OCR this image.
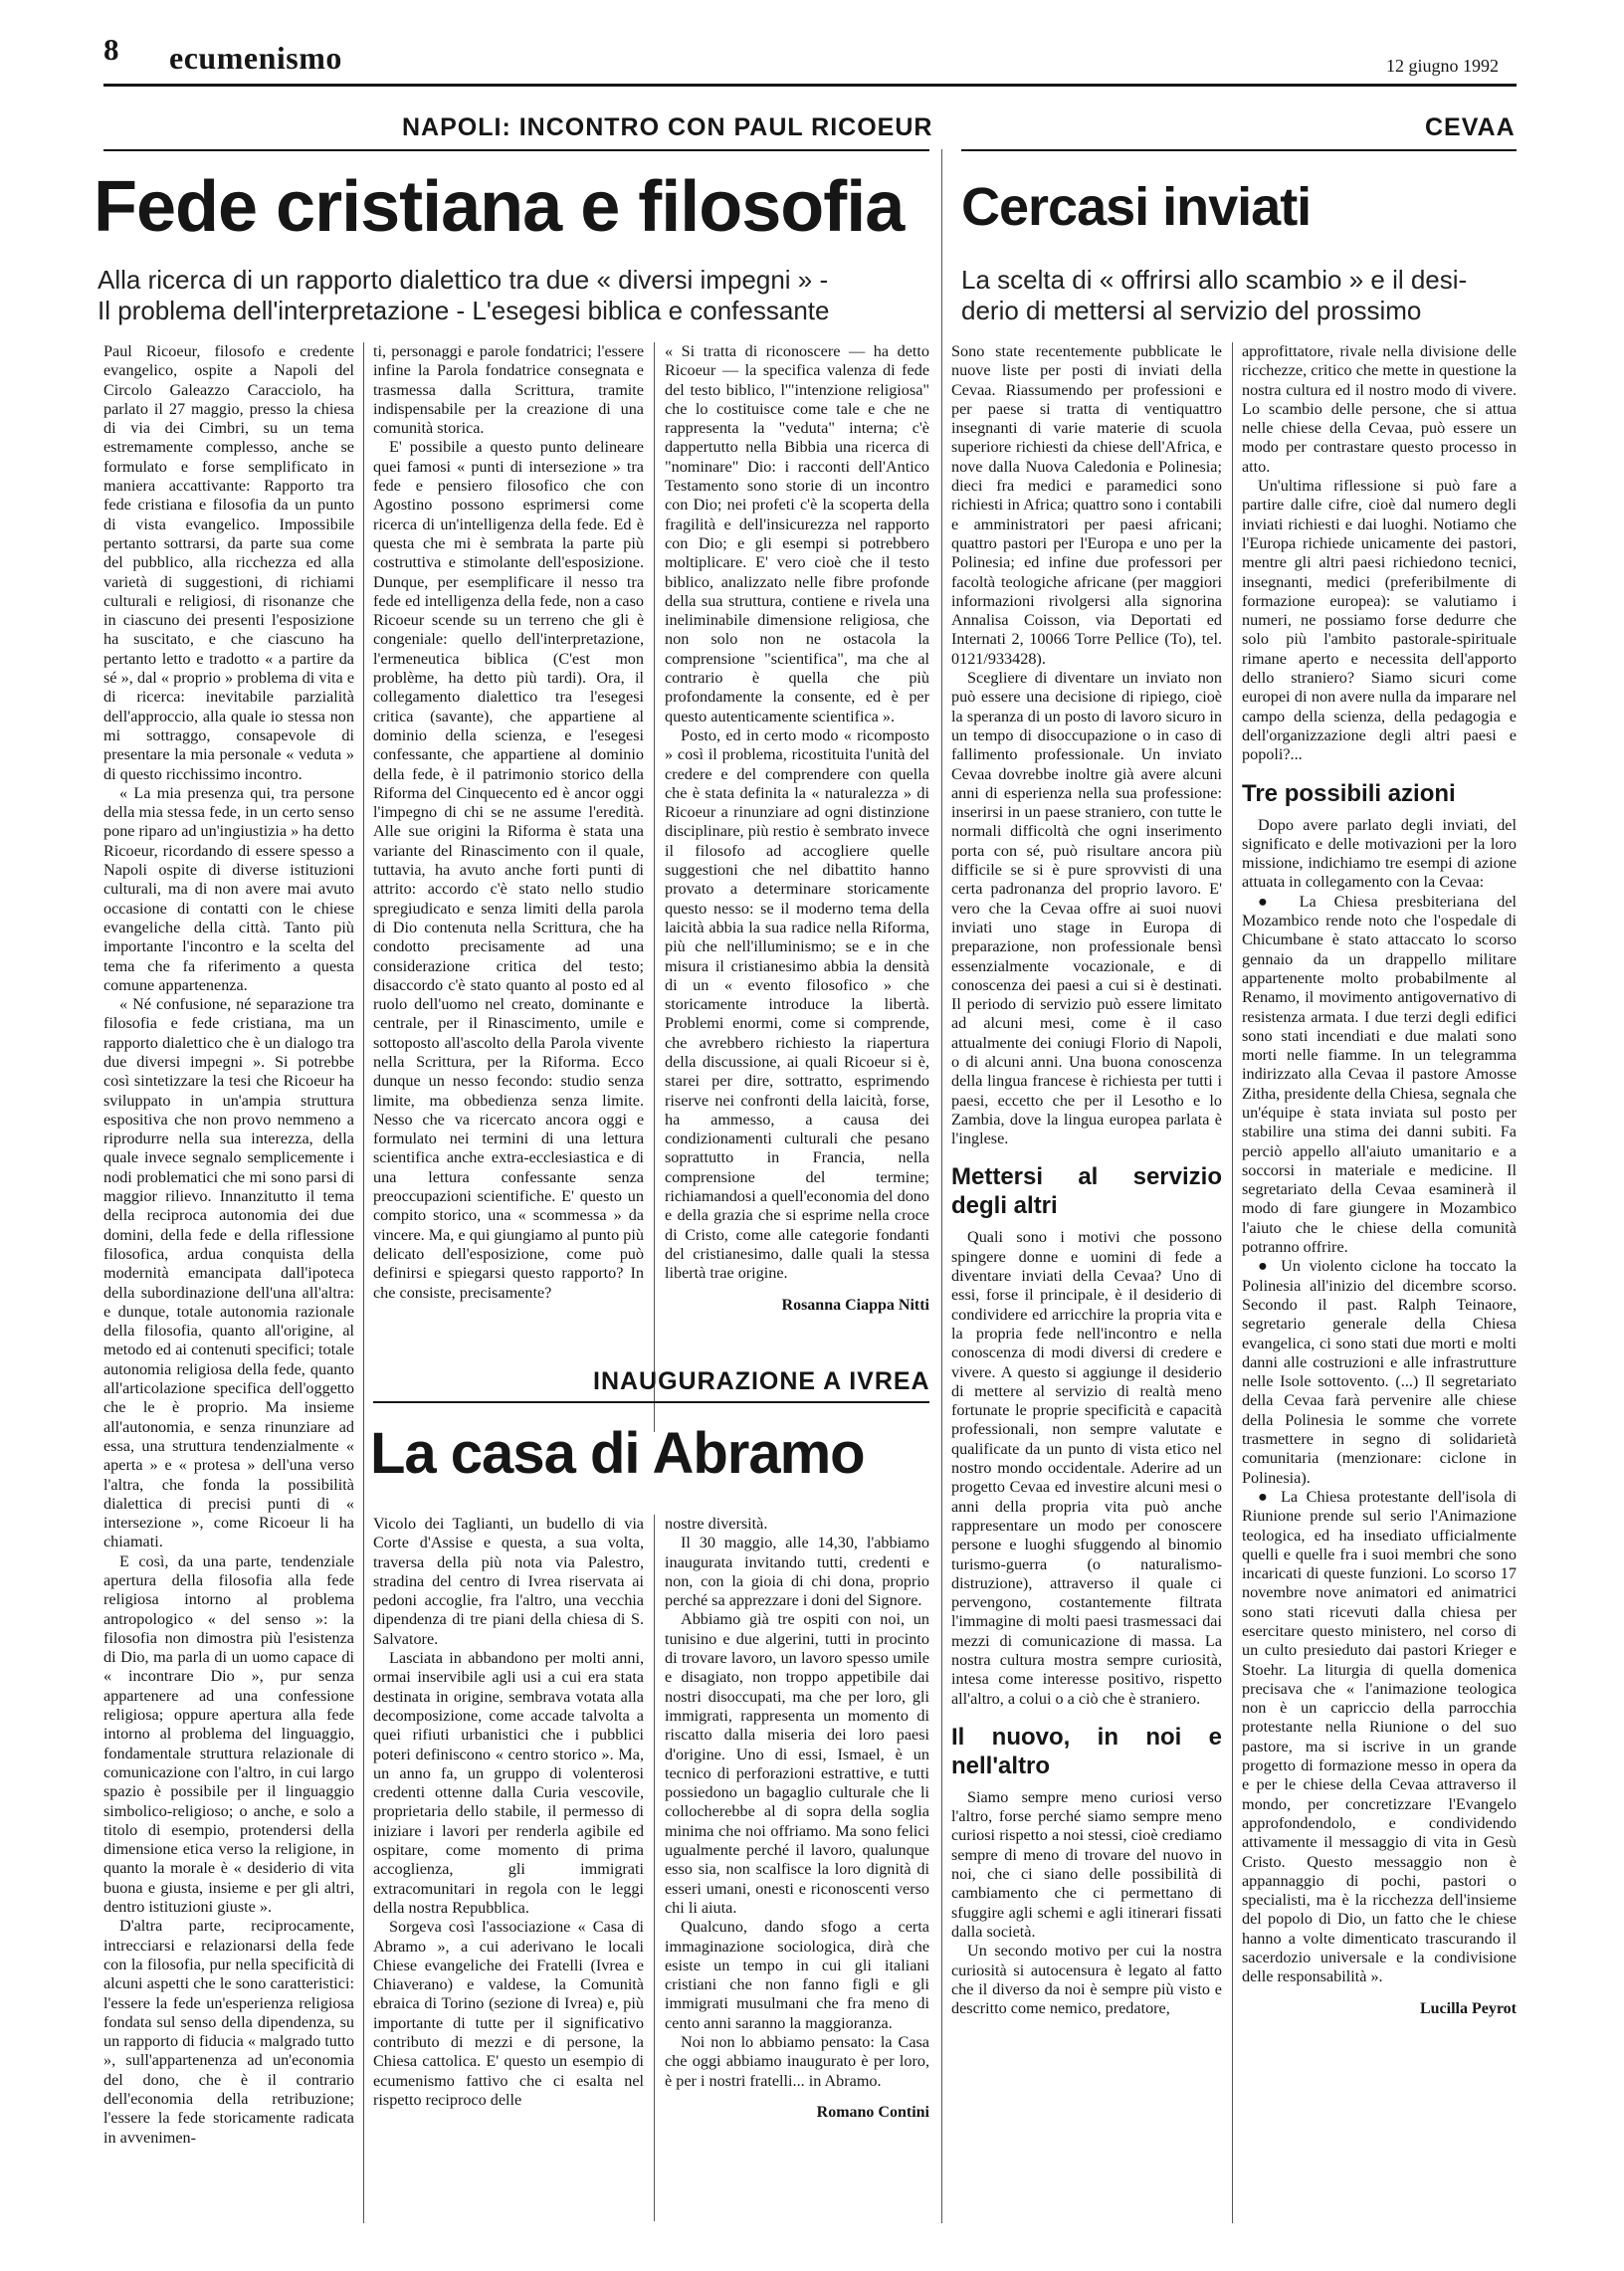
8 ecumenismo	12 giugno 1992
NAPOLI: INCONTRO CON PAUL RICOEUR
Fede cristiana e filosofia
Alla ricerca di un rapporto dialettico tra due « diversi impegni » -
Il problema dell'interpretazione - L'esegesi biblica e confessante
CEVAA
Cercasi inviati
La scelta di « offrirsi allo scambio » e il desi-
derio di mettersi al servizio del prossimo

Paul Ricoeur, filosofo e credente evangelico, ospite a Napoli del Circolo Galeazzo Caracciolo, ha parlato il 27 maggio, presso la chiesa di via dei Cimbri, su un tema estremamente complesso, anche se formulato e forse semplificato in maniera accattivante: Rapporto tra fede cristiana e filosofia da un punto di vista evangelico. Impossibile pertanto sottrarsi, da parte sua come del pubblico, alla ricchezza ed alla varietà di suggestioni, di richiami culturali e religiosi, di risonanze che in ciascuno dei presenti l'esposizione ha suscitato, e che ciascuno ha pertanto letto e tradotto « a partire da sé », dal « proprio » problema di vita e di ricerca: inevitabile parzialità dell'approccio, alla quale io stessa non mi sottraggo, consapevole di presentare la mia personale « veduta » di questo ricchissimo incontro.

« La mia presenza qui, tra persone della mia stessa fede, in un certo senso pone riparo ad un'ingiustizia » ha detto Ricoeur, ricordando di essere spesso a Napoli ospite di diverse istituzioni culturali, ma di non avere mai avuto occasione di contatti con le chiese evangeliche della città. Tanto più importante l'incontro e la scelta del tema che fa riferimento a questa comune appartenenza.

« Né confusione, né separazione tra filosofia e fede cristiana, ma un rapporto dialettico che è un dialogo tra due diversi impegni ». Si potrebbe così sintetizzare la tesi che Ricoeur ha sviluppato in un'ampia struttura espositiva che non provo nemmeno a riprodurre nella sua interezza, della quale invece segnalo semplicemente i nodi problematici che mi sono parsi di maggior rilievo. Innanzitutto il tema della reciproca autonomia dei due domini, della fede e della riflessione filosofica, ardua conquista della modernità emancipata dall'ipoteca della subordinazione dell'una all'altra: e dunque, totale autonomia razionale della filosofia, quanto all'origine, al metodo ed ai contenuti specifici; totale autonomia religiosa della fede, quanto all'articolazione specifica dell'oggetto che le è proprio. Ma insieme all'autonomia, e senza rinunziare ad essa, una struttura tendenzialmente « aperta » e « protesa » dell'una verso l'altra, che fonda la possibilità dialettica di precisi punti di « intersezione », come Ricoeur li ha chiamati.

E così, da una parte, tendenziale apertura della filosofia alla fede religiosa intorno al problema antropologico « del senso »: la filosofia non dimostra più l'esistenza di Dio, ma parla di un uomo capace di « incontrare Dio », pur senza appartenere ad una confessione religiosa; oppure apertura alla fede intorno al problema del linguaggio, fondamentale struttura relazionale di comunicazione con l'altro, in cui largo spazio è possibile per il linguaggio simbolico-religioso; o anche, e solo a titolo di esempio, protendersi della dimensione etica verso la religione, in quanto la morale è « desiderio di vita buona e giusta, insieme e per gli altri, dentro istituzioni giuste ».

D'altra parte, reciprocamente, intrecciarsi e relazionarsi della fede con la filosofia, pur nella specificità di alcuni aspetti che le sono caratteristici: l'essere la fede un'esperienza religiosa fondata sul senso della dipendenza, su un rapporto di fiducia « malgrado tutto », sull'appartenenza ad un'economia del dono, che è il contrario dell'economia della retribuzione; l'essere la fede storicamente radicata in avvenimen-

ti, personaggi e parole fondatrici; l'essere infine la Parola fondatrice consegnata e trasmessa dalla Scrittura, tramite indispensabile per la creazione di una comunità storica.

E' possibile a questo punto delineare quei famosi « punti di intersezione » tra fede e pensiero filosofico che con Agostino possono esprimersi come ricerca di un'intelligenza della fede. Ed è questa che mi è sembrata la parte più costruttiva e stimolante dell'esposizione. Dunque, per esemplificare il nesso tra fede ed intelligenza della fede, non a caso Ricoeur scende su un terreno che gli è congeniale: quello dell'interpretazione, l'ermeneutica biblica (C'est mon problème, ha detto più tardi). Ora, il collegamento dialettico tra l'esegesi critica (savante), che appartiene al dominio della scienza, e l'esegesi confessante, che appartiene al dominio della fede, è il patrimonio storico della Riforma del Cinquecento ed è ancor oggi l'impegno di chi se ne assume l'eredità. Alle sue origini la Riforma è stata una variante del Rinascimento con il quale, tuttavia, ha avuto anche forti punti di attrito: accordo c'è stato nello studio spregiudicato e senza limiti della parola di Dio contenuta nella Scrittura, che ha condotto precisamente ad una considerazione critica del testo; disaccordo c'è stato quanto al posto ed al ruolo dell'uomo nel creato, dominante e centrale, per il Rinascimento, umile e sottoposto all'ascolto della Parola vivente nella Scrittura, per la Riforma. Ecco dunque un nesso fecondo: studio senza limite, ma obbedienza senza limite. Nesso che va ricercato ancora oggi e formulato nei termini di una lettura scientifica anche extra-ecclesiastica e di una lettura confessante senza preoccupazioni scientifiche. E' questo un compito storico, una « scommessa » da vincere. Ma, e qui giungiamo al punto più delicato dell'esposizione, come può definirsi e spiegarsi questo rapporto? In che consiste, precisamente?

« Si tratta di riconoscere — ha detto Ricoeur — la specifica valenza di fede del testo biblico, l'"intenzione religiosa" che lo costituisce come tale e che ne rappresenta la "veduta" interna; c'è dappertutto nella Bibbia una ricerca di "nominare" Dio: i racconti dell'Antico Testamento sono storie di un incontro con Dio; nei profeti c'è la scoperta della fragilità e dell'insicurezza nel rapporto con Dio; e gli esempi si potrebbero moltiplicare. E' vero cioè che il testo biblico, analizzato nelle fibre profonde della sua struttura, contiene e rivela una ineliminabile dimensione religiosa, che non solo non ne ostacola la comprensione "scientifica", ma che al contrario è quella che più profondamente la consente, ed è per questo autenticamente scientifica ».

Posto, ed in certo modo « ricomposto » così il problema, ricostituita l'unità del credere e del comprendere con quella che è stata definita la « naturalezza » di Ricoeur a rinunziare ad ogni distinzione disciplinare, più restio è sembrato invece il filosofo ad accogliere quelle suggestioni che nel dibattito hanno provato a determinare storicamente questo nesso: se il moderno tema della laicità abbia la sua radice nella Riforma, più che nell'illuminismo; se e in che misura il cristianesimo abbia la densità di un « evento filosofico » che storicamente introduce la libertà. Problemi enormi, come si comprende, che avrebbero richiesto la riapertura della discussione, ai quali Ricoeur si è, starei per dire, sottratto, esprimendo riserve nei confronti della laicità, forse, ha ammesso, a causa dei condizionamenti culturali che pesano soprattutto in Francia, nella comprensione del termine; richiamandosi a quell'economia del dono e della grazia che si esprime nella croce di Cristo, come alle categorie fondanti del cristianesimo, dalle quali la stessa libertà trae origine.

Rosanna Ciappa Nitti
INAUGURAZIONE A IVREA
La casa di Abramo

Vicolo dei Taglianti, un budello di via Corte d'Assise e questa, a sua volta, traversa della più nota via Palestro, stradina del centro di Ivrea riservata ai pedoni accoglie, fra l'altro, una vecchia dipendenza di tre piani della chiesa di S. Salvatore.

Lasciata in abbandono per molti anni, ormai inservibile agli usi a cui era stata destinata in origine, sembrava votata alla decomposizione, come accade talvolta a quei rifiuti urbanistici che i pubblici poteri definiscono « centro storico ». Ma, un anno fa, un gruppo di volenterosi credenti ottenne dalla Curia vescovile, proprietaria dello stabile, il permesso di iniziare i lavori per renderla agibile ed ospitare, come momento di prima accoglienza, gli immigrati extracomunitari in regola con le leggi della nostra Repubblica.

Sorgeva così l'associazione « Casa di Abramo », a cui aderivano le locali Chiese evangeliche dei Fratelli (Ivrea e Chiaverano) e valdese, la Comunità ebraica di Torino (sezione di Ivrea) e, più importante di tutte per il significativo contributo di mezzi e di persone, la Chiesa cattolica. E' questo un esempio di ecumenismo fattivo che ci esalta nel rispetto reciproco delle

nostre diversità.

Il 30 maggio, alle 14,30, l'abbiamo inaugurata invitando tutti, credenti e non, con la gioia di chi dona, proprio perché sa apprezzare i doni del Signore.

Abbiamo già tre ospiti con noi, un tunisino e due algerini, tutti in procinto di trovare lavoro, un lavoro spesso umile e disagiato, non troppo appetibile dai nostri disoccupati, ma che per loro, gli immigrati, rappresenta un momento di riscatto dalla miseria dei loro paesi d'origine. Uno di essi, Ismael, è un tecnico di perforazioni estrattive, e tutti possiedono un bagaglio culturale che li collocherebbe al di sopra della soglia minima che noi offriamo. Ma sono felici ugualmente perché il lavoro, qualunque esso sia, non scalfisce la loro dignità di esseri umani, onesti e riconoscenti verso chi li aiuta.

Qualcuno, dando sfogo a certa immaginazione sociologica, dirà che esiste un tempo in cui gli italiani cristiani che non fanno figli e gli immigrati musulmani che fra meno di cento anni saranno la maggioranza.

Noi non lo abbiamo pensato: la Casa che oggi abbiamo inaugurato è per loro, è per i nostri fratelli... in Abramo.

Romano Contini

Sono state recentemente pubblicate le nuove liste per posti di inviati della Cevaa. Riassumendo per professioni e per paese si tratta di ventiquattro insegnanti di varie materie di scuola superiore richiesti da chiese dell'Africa, e nove dalla Nuova Caledonia e Polinesia; dieci fra medici e paramedici sono richiesti in Africa; quattro sono i contabili e amministratori per paesi africani; quattro pastori per l'Europa e uno per la Polinesia; ed infine due professori per facoltà teologiche africane (per maggiori informazioni rivolgersi alla signorina Annalisa Coisson, via Deportati ed Internati 2, 10066 Torre Pellice (To), tel. 0121/933428).

Scegliere di diventare un inviato non può essere una decisione di ripiego, cioè la speranza di un posto di lavoro sicuro in un tempo di disoccupazione o in caso di fallimento professionale. Un inviato Cevaa dovrebbe inoltre già avere alcuni anni di esperienza nella sua professione: inserirsi in un paese straniero, con tutte le normali difficoltà che ogni inserimento porta con sé, può risultare ancora più difficile se si è pure sprovvisti di una certa padronanza del proprio lavoro. E' vero che la Cevaa offre ai suoi nuovi inviati uno stage in Europa di preparazione, non professionale bensì essenzialmente vocazionale, e di conoscenza dei paesi a cui si è destinati. Il periodo di servizio può essere limitato ad alcuni mesi, come è il caso attualmente dei coniugi Florio di Napoli, o di alcuni anni. Una buona conoscenza della lingua francese è richiesta per tutti i paesi, eccetto che per il Lesotho e lo Zambia, dove la lingua europea parlata è l'inglese.

Mettersi al servizio degli altri

Quali sono i motivi che possono spingere donne e uomini di fede a diventare inviati della Cevaa? Uno di essi, forse il principale, è il desiderio di condividere ed arricchire la propria vita e la propria fede nell'incontro e nella conoscenza di modi diversi di credere e vivere. A questo si aggiunge il desiderio di mettere al servizio di realtà meno fortunate le proprie specificità e capacità professionali, non sempre valutate e qualificate da un punto di vista etico nel nostro mondo occidentale. Aderire ad un progetto Cevaa ed investire alcuni mesi o anni della propria vita può anche rappresentare un modo per conoscere persone e luoghi sfuggendo al binomio turismo-guerra (o naturalismo-distruzione), attraverso il quale ci pervengono, costantemente filtrata l'immagine di molti paesi trasmessaci dai mezzi di comunicazione di massa. La nostra cultura mostra sempre curiosità, intesa come interesse positivo, rispetto all'altro, a colui o a ciò che è straniero.

Il nuovo, in noi e nell'altro

Siamo sempre meno curiosi verso l'altro, forse perché siamo sempre meno curiosi rispetto a noi stessi, cioè crediamo sempre di meno di trovare del nuovo in noi, che ci siano delle possibilità di cambiamento che ci permettano di sfuggire agli schemi e agli itinerari fissati dalla società.

Un secondo motivo per cui la nostra curiosità si autocensura è legato al fatto che il diverso da noi è sempre più visto e descritto come nemico, predatore,

approfittatore, rivale nella divisione delle ricchezze, critico che mette in questione la nostra cultura ed il nostro modo di vivere. Lo scambio delle persone, che si attua nelle chiese della Cevaa, può essere un modo per contrastare questo processo in atto.

Un'ultima riflessione si può fare a partire dalle cifre, cioè dal numero degli inviati richiesti e dai luoghi. Notiamo che l'Europa richiede unicamente dei pastori, mentre gli altri paesi richiedono tecnici, insegnanti, medici (preferibilmente di formazione europea): se valutiamo i numeri, ne possiamo forse dedurre che solo più l'ambito pastorale-spirituale rimane aperto e necessita dell'apporto dello straniero? Siamo sicuri come europei di non avere nulla da imparare nel campo della scienza, della pedagogia e dell'organizzazione degli altri paesi e popoli?...

Tre possibili azioni

Dopo avere parlato degli inviati, del significato e delle motivazioni per la loro missione, indichiamo tre esempi di azione attuata in collegamento con la Cevaa:

● La Chiesa presbiteriana del Mozambico rende noto che l'ospedale di Chicumbane è stato attaccato lo scorso gennaio da un drappello militare appartenente molto probabilmente al Renamo, il movimento antigovernativo di resistenza armata. I due terzi degli edifici sono stati incendiati e due malati sono morti nelle fiamme. In un telegramma indirizzato alla Cevaa il pastore Amosse Zitha, presidente della Chiesa, segnala che un'équipe è stata inviata sul posto per stabilire una stima dei danni subiti. Fa perciò appello all'aiuto umanitario e a soccorsi in materiale e medicine. Il segretariato della Cevaa esaminerà il modo di fare giungere in Mozambico l'aiuto che le chiese della comunità potranno offrire.

● Un violento ciclone ha toccato la Polinesia all'inizio del dicembre scorso. Secondo il past. Ralph Teinaore, segretario generale della Chiesa evangelica, ci sono stati due morti e molti danni alle costruzioni e alle infrastrutture nelle Isole sottovento. (...) Il segretariato della Cevaa farà pervenire alle chiese della Polinesia le somme che vorrete trasmettere in segno di solidarietà comunitaria (menzionare: ciclone in Polinesia).

● La Chiesa protestante dell'isola di Riunione prende sul serio l'Animazione teologica, ed ha insediato ufficialmente quelli e quelle fra i suoi membri che sono incaricati di queste funzioni. Lo scorso 17 novembre nove animatori ed animatrici sono stati ricevuti dalla chiesa per esercitare questo ministero, nel corso di un culto presieduto dai pastori Krieger e Stoehr. La liturgia di quella domenica precisava che « l'animazione teologica non è un capriccio della parrocchia protestante nella Riunione o del suo pastore, ma si iscrive in un grande progetto di formazione messo in opera da e per le chiese della Cevaa attraverso il mondo, per concretizzare l'Evangelo approfondendolo, e condividendo attivamente il messaggio di vita in Gesù Cristo. Questo messaggio non è appannaggio di pochi, pastori o specialisti, ma è la ricchezza dell'insieme del popolo di Dio, un fatto che le chiese hanno a volte dimenticato trascurando il sacerdozio universale e la condivisione delle responsabilità ».

Lucilla Peyrot
